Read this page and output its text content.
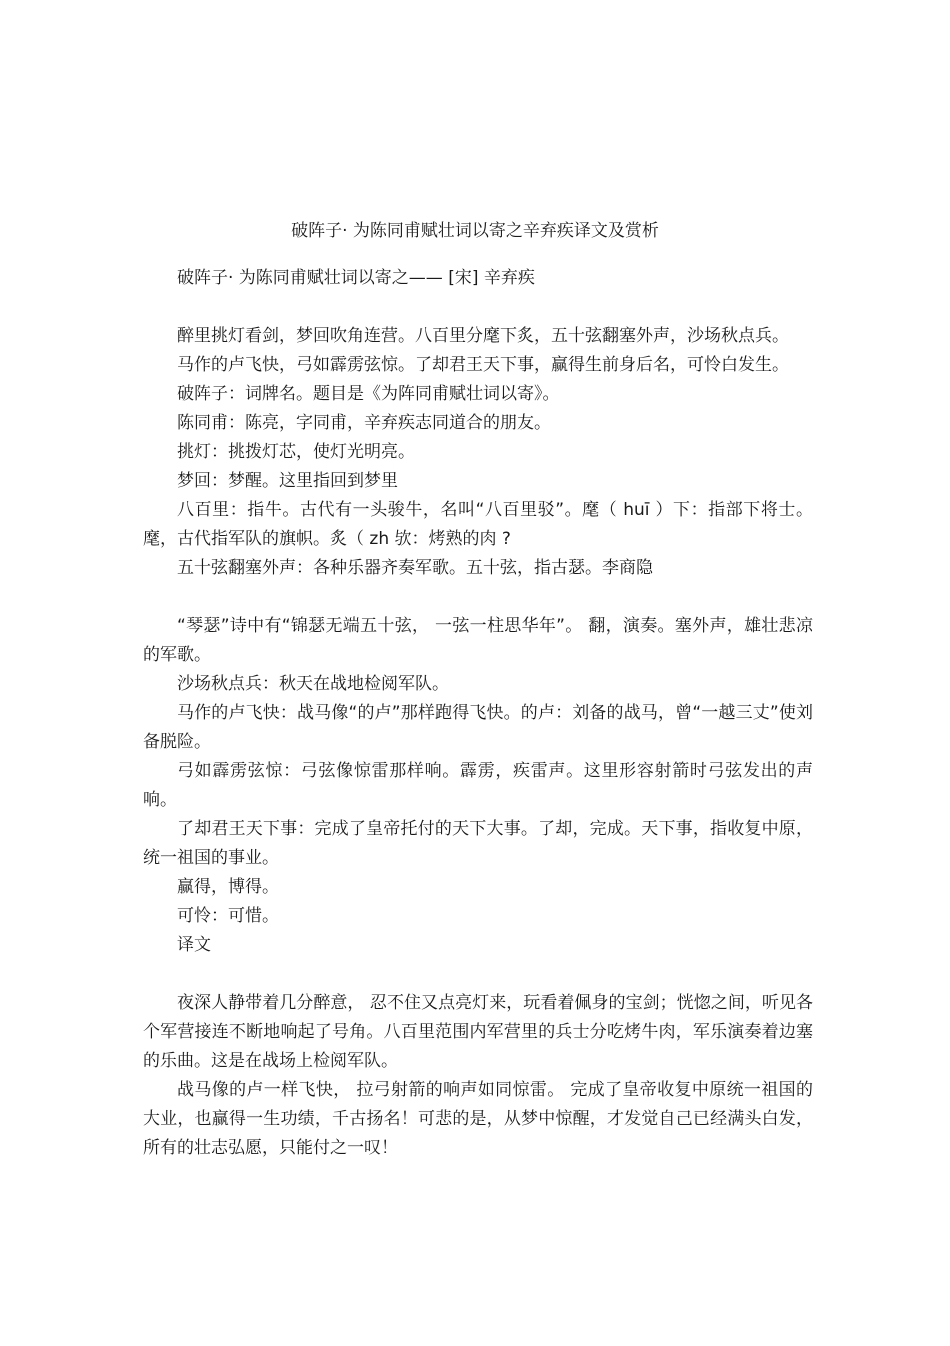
破阵子· 为陈同甫赋壮词以寄之辛弃疾译文及赏析

破阵子· 为陈同甫赋壮词以寄之—— [宋] 辛弃疾

醉里挑灯看剑，梦回吹角连营。八百里分麾下炙，五十弦翻塞外声，沙场秋点兵。

马作的卢飞快，弓如霹雳弦惊。了却君王天下事，赢得生前身后名，可怜白发生。

破阵子：词牌名。题目是《为阵同甫赋壮词以寄》。

陈同甫：陈亮，字同甫，辛弃疾志同道合的朋友。

挑灯：挑拨灯芯，使灯光明亮。

梦回：梦醒。这里指回到梦里

八百里：指牛。古代有一头骏牛，名叫“八百里驳”。麾（ huī ）下：指部下将士。麾，古代指军队的旗帜。炙（ zh 欤：烤熟的肉 ?

五十弦翻塞外声：各种乐器齐奏军歌。五十弦，指古瑟。李商隐

“琴瑟”诗中有“锦瑟无端五十弦， 一弦一柱思华年”。 翻，演奏。塞外声，雄壮悲凉的军歌。

沙场秋点兵：秋天在战地检阅军队。

马作的卢飞快：战马像“的卢”那样跑得飞快。的卢：刘备的战马，曾“一越三丈”使刘备脱险。

弓如霹雳弦惊：弓弦像惊雷那样响。霹雳，疾雷声。这里形容射箭时弓弦发出的声响。

了却君王天下事：完成了皇帝托付的天下大事。了却，完成。天下事，指收复中原，统一祖国的事业。

赢得，博得。

可怜：可惜。

译文

夜深人静带着几分醉意， 忍不住又点亮灯来，玩看着佩身的宝剑；恍惚之间，听见各个军营接连不断地响起了号角。八百里范围内军营里的兵士分吃烤牛肉，军乐演奏着边塞的乐曲。这是在战场上检阅军队。

战马像的卢一样飞快， 拉弓射箭的响声如同惊雷。 完成了皇帝收复中原统一祖国的大业，也赢得一生功绩，千古扬名！可悲的是，从梦中惊醒，才发觉自己已经满头白发，所有的壮志弘愿，只能付之一叹！
